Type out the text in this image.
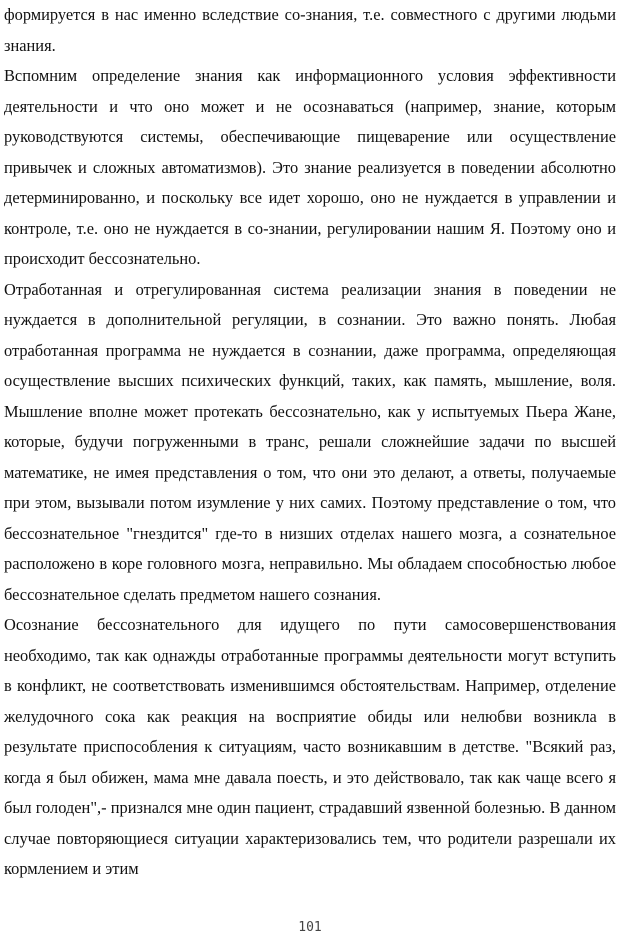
формируется в нас именно вследствие со-знания, т.е. совместного с другими людьми знания.

Вспомним определение знания как информационного условия эффективности деятельности и что оно может и не осознаваться (например, знание, которым руководствуются системы, обеспечивающие пищеварение или осуществление привычек и сложных автоматизмов). Это знание реализуется в поведении абсолютно детерминированно, и поскольку все идет хорошо, оно не нуждается в управлении и контроле, т.е. оно не нуждается в со-знании, регулировании нашим Я. Поэтому оно и происходит бессознательно.

Отработанная и отрегулированная система реализации знания в поведении не нуждается в дополнительной регуляции, в сознании. Это важно понять. Любая отработанная программа не нуждается в сознании, даже программа, определяющая осуществление высших психических функций, таких, как память, мышление, воля. Мышление вполне может протекать бессознательно, как у испытуемых Пьера Жане, которые, будучи погруженными в транс, решали сложнейшие задачи по высшей математике, не имея представления о том, что они это делают, а ответы, получаемые при этом, вызывали потом изумление у них самих. Поэтому представление о том, что бессознательное "гнездится" где-то в низших отделах нашего мозга, а сознательное расположено в коре головного мозга, неправильно. Мы обладаем способностью любое бессознательное сделать предметом нашего сознания.

Осознание бессознательного для идущего по пути самосовершенствования необходимо, так как однажды отработанные программы деятельности могут вступить в конфликт, не соответствовать изменившимся обстоятельствам. Например, отделение желудочного сока как реакция на восприятие обиды или нелюбви возникла в результате приспособления к ситуациям, часто возникавшим в детстве. "Всякий раз, когда я был обижен, мама мне давала поесть, и это действовало, так как чаще всего я был голоден",- признался мне один пациент, страдавший язвенной болезнью. В данном случае повторяющиеся ситуации характеризовались тем, что родители разрешали их кормлением и этим

101
